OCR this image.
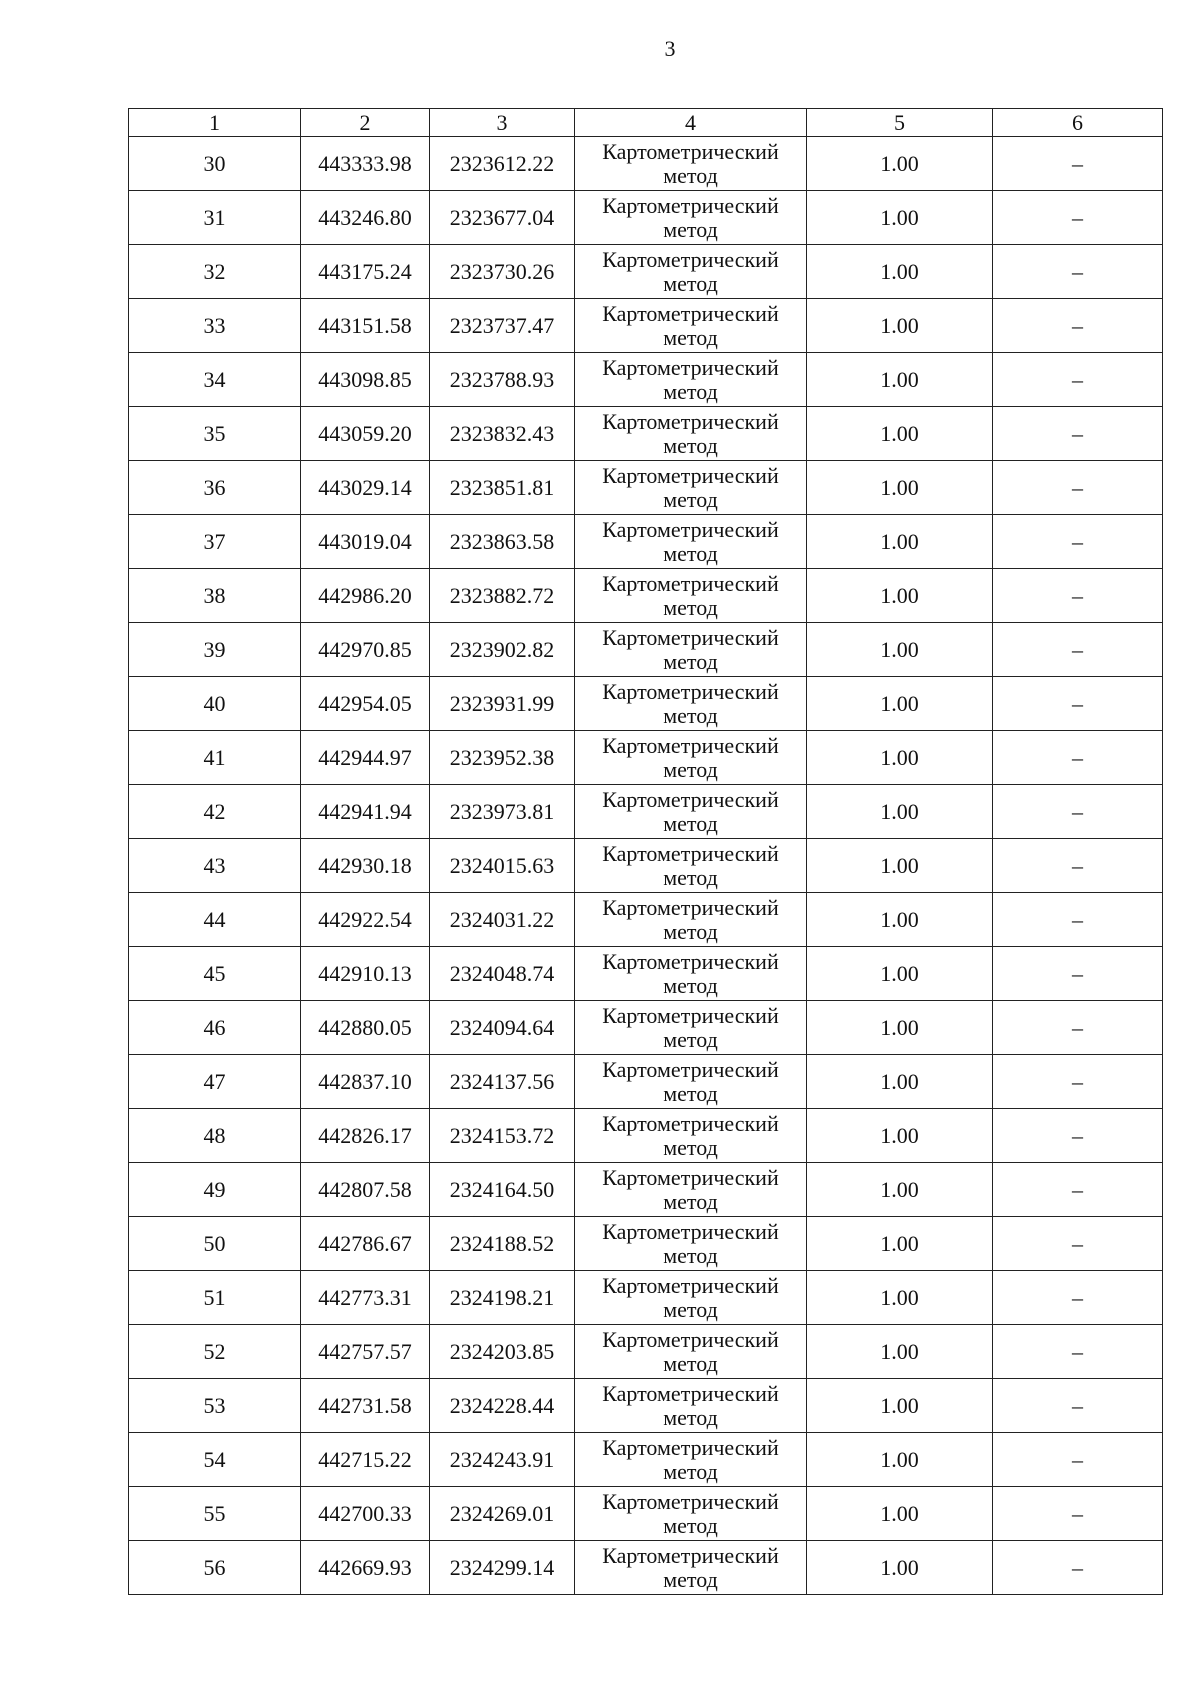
3
1	2	3	4	5	6
30	443333.98	2323612.22	Картометрический
метод	1.00	–
31	443246.80	2323677.04	Картометрический
метод	1.00	–
32	443175.24	2323730.26	Картометрический
метод	1.00	–
33	443151.58	2323737.47	Картометрический
метод	1.00	–
34	443098.85	2323788.93	Картометрический
метод	1.00	–
35	443059.20	2323832.43	Картометрический
метод	1.00	–
36	443029.14	2323851.81	Картометрический
метод	1.00	–
37	443019.04	2323863.58	Картометрический
метод	1.00	–
38	442986.20	2323882.72	Картометрический
метод	1.00	–
39	442970.85	2323902.82	Картометрический
метод	1.00	–
40	442954.05	2323931.99	Картометрический
метод	1.00	–
41	442944.97	2323952.38	Картометрический
метод	1.00	–
42	442941.94	2323973.81	Картометрический
метод	1.00	–
43	442930.18	2324015.63	Картометрический
метод	1.00	–
44	442922.54	2324031.22	Картометрический
метод	1.00	–
45	442910.13	2324048.74	Картометрический
метод	1.00	–
46	442880.05	2324094.64	Картометрический
метод	1.00	–
47	442837.10	2324137.56	Картометрический
метод	1.00	–
48	442826.17	2324153.72	Картометрический
метод	1.00	–
49	442807.58	2324164.50	Картометрический
метод	1.00	–
50	442786.67	2324188.52	Картометрический
метод	1.00	–
51	442773.31	2324198.21	Картометрический
метод	1.00	–
52	442757.57	2324203.85	Картометрический
метод	1.00	–
53	442731.58	2324228.44	Картометрический
метод	1.00	–
54	442715.22	2324243.91	Картометрический
метод	1.00	–
55	442700.33	2324269.01	Картометрический
метод	1.00	–
56	442669.93	2324299.14	Картометрический
метод	1.00	–
